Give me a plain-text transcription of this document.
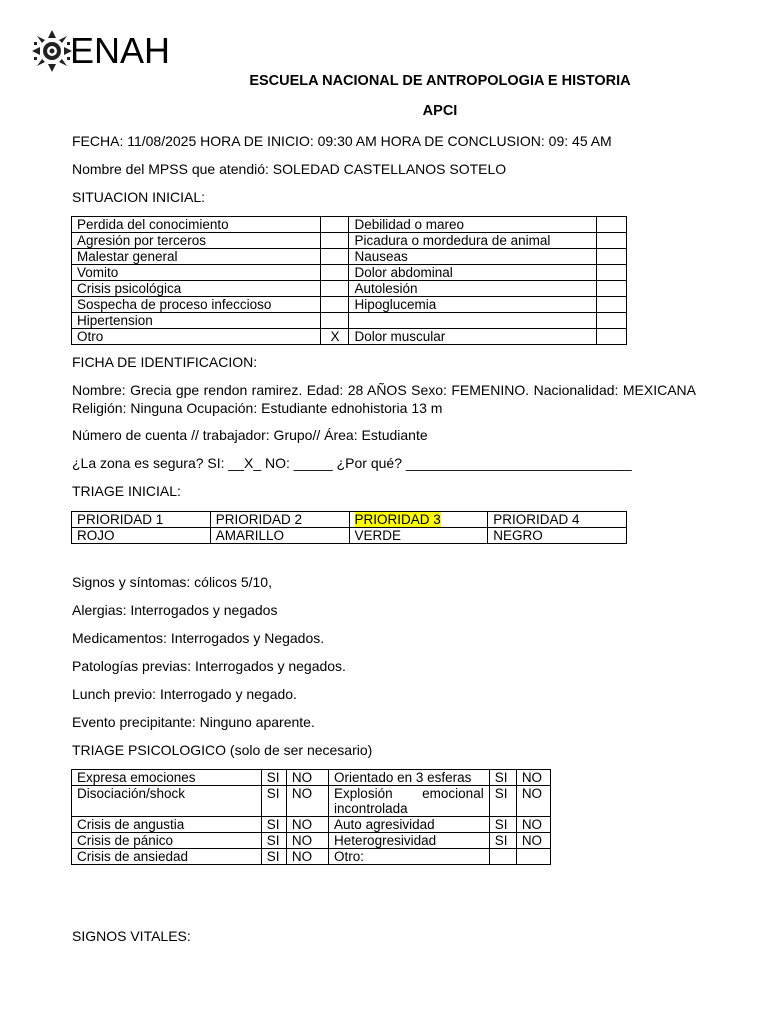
ENAH
ESCUELA NACIONAL DE ANTROPOLOGIA E HISTORIA
APCI
FECHA: 11/08/2025 HORA DE INICIO: 09:30 AM HORA DE CONCLUSION: 09: 45 AM
Nombre del MPSS que atendió: SOLEDAD CASTELLANOS SOTELO
SITUACION INICIAL:
Perdida del conocimiento		Debilidad o mareo	
Agresión por terceros		Picadura o mordedura de animal	
Malestar general		Nauseas	
Vomito		Dolor abdominal	
Crisis psicológica		Autolesión	
Sospecha de proceso infeccioso		Hipoglucemia	
Hipertension			
Otro	X	Dolor muscular	
FICHA DE IDENTIFICACION:
Nombre: Grecia gpe rendon ramirez. Edad: 28 AÑOS Sexo: FEMENINO. Nacionalidad: MEXICANA Religión: Ninguna Ocupación: Estudiante ednohistoria 13 m
Número de cuenta // trabajador: Grupo// Área: Estudiante
¿La zona es segura? SI: __X_ NO: _____ ¿Por qué? _____________________________
TRIAGE INICIAL:
PRIORIDAD 1	PRIORIDAD 2	PRIORIDAD 3	PRIORIDAD 4
ROJO	AMARILLO	VERDE	NEGRO
Signos y síntomas: cólicos 5/10,
Alergias: Interrogados y negados
Medicamentos: Interrogados y Negados.
Patologías previas: Interrogados y negados.
Lunch previo: Interrogado y negado.
Evento precipitante: Ninguno aparente.
TRIAGE PSICOLOGICO (solo de ser necesario)
Expresa emociones	SI	NO	Orientado en 3 esferas	SI	NO
Disociación/shock	SI	NO	Explosión emocional incontrolada	SI	NO
Crisis de angustia	SI	NO	Auto agresividad	SI	NO
Crisis de pánico	SI	NO	Heterogresividad	SI	NO
Crisis de ansiedad	SI	NO	Otro:		
SIGNOS VITALES:
